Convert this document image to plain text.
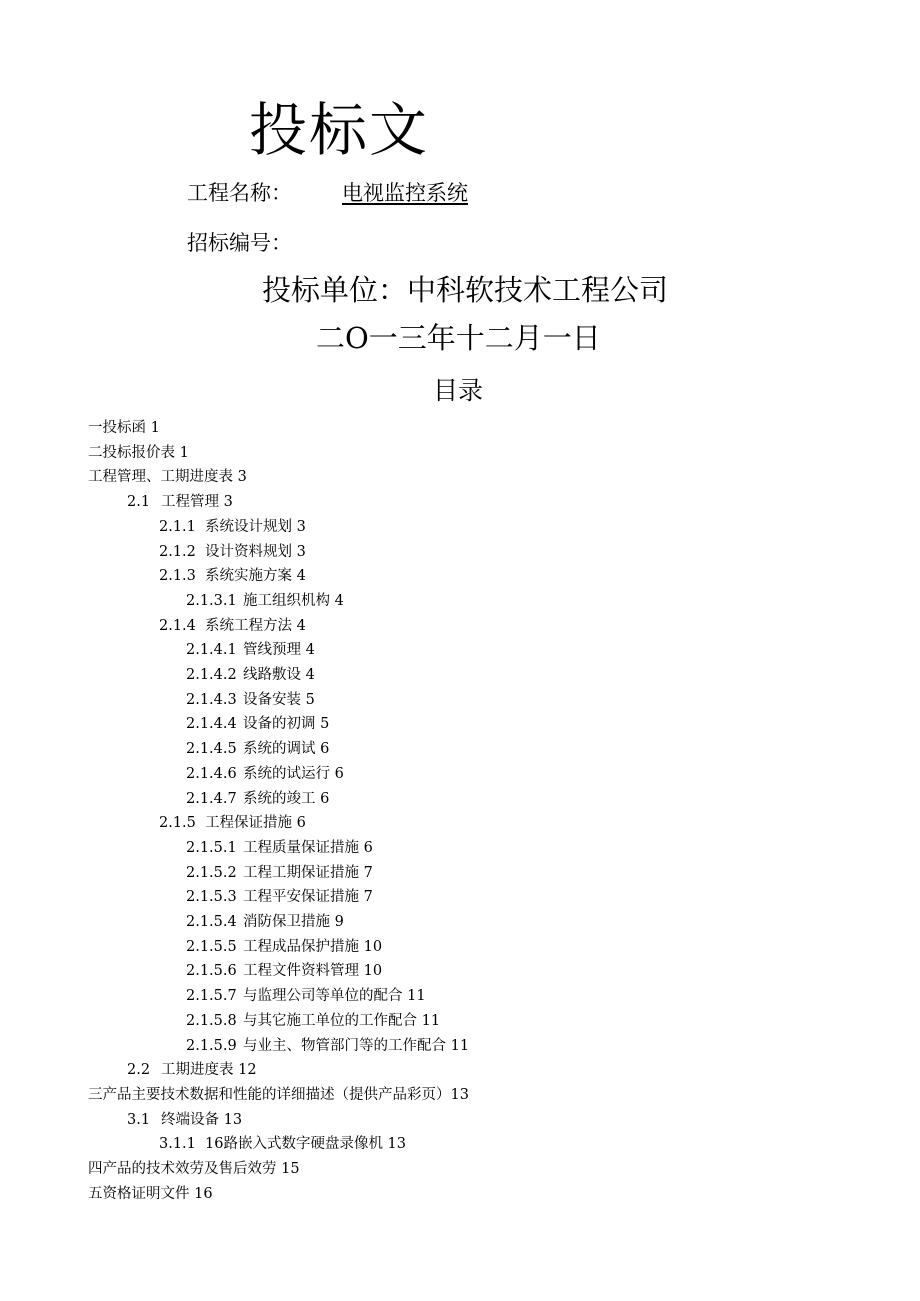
投标文
工程名称： 电视监控系统
招标编号：
投标单位：中科软技术工程公司
二O一三年十二月一日
目录
一投标函 1
二投标报价表 1
工程管理、工期进度表 3
2.1 工程管理 3
2.1.1 系统设计规划 3
2.1.2 设计资料规划 3
2.1.3 系统实施方案 4
2.1.3.1 施工组织机构 4
2.1.4 系统工程方法 4
2.1.4.1 管线预理 4
2.1.4.2 线路敷设 4
2.1.4.3 设备安装 5
2.1.4.4 设备的初调 5
2.1.4.5 系统的调试 6
2.1.4.6 系统的试运行 6
2.1.4.7 系统的竣工 6
2.1.5 工程保证措施 6
2.1.5.1 工程质量保证措施 6
2.1.5.2 工程工期保证措施 7
2.1.5.3 工程平安保证措施 7
2.1.5.4 消防保卫措施 9
2.1.5.5 工程成品保护措施 10
2.1.5.6 工程文件资料管理 10
2.1.5.7 与监理公司等单位的配合 11
2.1.5.8 与其它施工单位的工作配合 11
2.1.5.9 与业主、物管部门等的工作配合 11
2.2 工期进度表 12
三产品主要技术数据和性能的详细描述（提供产品彩页）13
3.1 终端设备 13
3.1.1 16路嵌入式数字硬盘录像机 13
四产品的技术效劳及售后效劳 15
五资格证明文件 16
